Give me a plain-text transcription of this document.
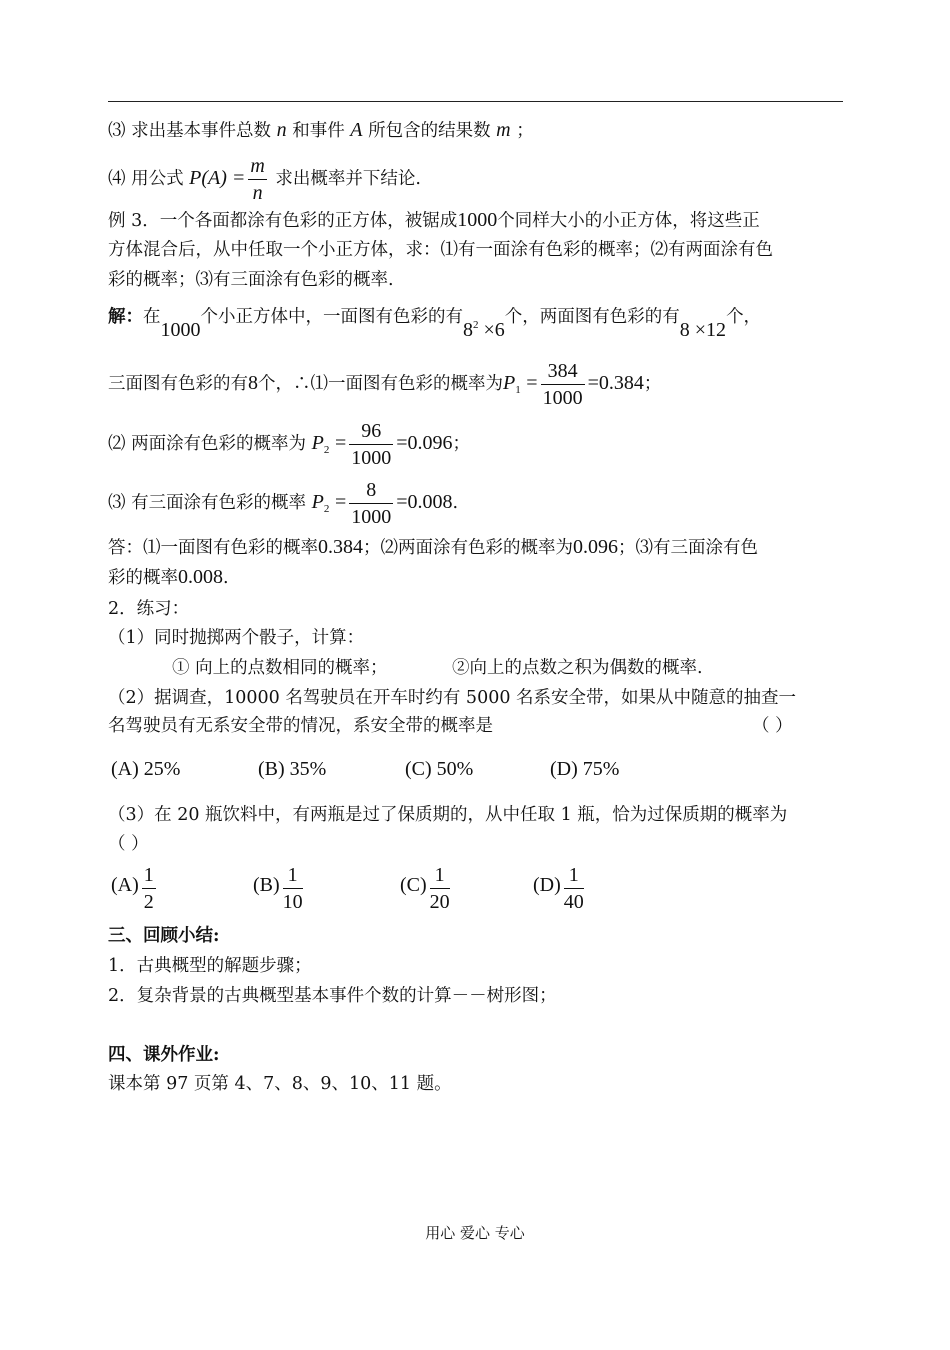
⑶ 求出基本事件总数 n 和事件 A 所包含的结果数 m ；
⑷ 用公式 $P(A) = \frac{m}{n}$ 求出概率并下结论.
例 3．一个各面都涂有色彩的正方体，被锯成1000个同样大小的小正方体，将这些正
方体混合后，从中任取一个小正方体，求：⑴有一面涂有色彩的概率；⑵有两面涂有色
彩的概率；⑶有三面涂有色彩的概率.
解：在1000个小正方体中，一面图有色彩的有$8^2 \times 6$个，两面图有色彩的有8 ×12个，
三面图有色彩的有8个，∴⑴一面图有色彩的概率为$P_1 = \frac{384}{1000} =0.384$；
⑵ 两面涂有色彩的概率为 $P_2 = \frac{96}{1000} =0.096$；
⑶ 有三面涂有色彩的概率 $P_2 = \frac{8}{1000} =0.008$.
答：⑴一面图有色彩的概率0.384；⑵两面涂有色彩的概率为0.096；⑶有三面涂有色
彩的概率0.008.
2．练习：
（1）同时抛掷两个骰子，计算：
① 向上的点数相同的概率；	②向上的点数之积为偶数的概率.
（2）据调查，10000 名驾驶员在开车时约有 5000 名系安全带，如果从中随意的抽查一
名驾驶员有无系安全带的情况，系安全带的概率是	（ ）
(A) 25%	(B) 35%	(C) 50%	(D) 75%
（3）在 20 瓶饮料中，有两瓶是过了保质期的，从中任取 1 瓶，恰为过保质期的概率为
（ ）
$(A) \frac{1}{2}$	$(B) \frac{1}{10}$	$(C) \frac{1}{20}$	$(D) \frac{1}{40}$
三、回顾小结:
1．古典概型的解题步骤；
2．复杂背景的古典概型基本事件个数的计算－－树形图；
四、课外作业:
课本第 97 页第 4、7、8、9、10、11 题。
用心 爱心 专心
